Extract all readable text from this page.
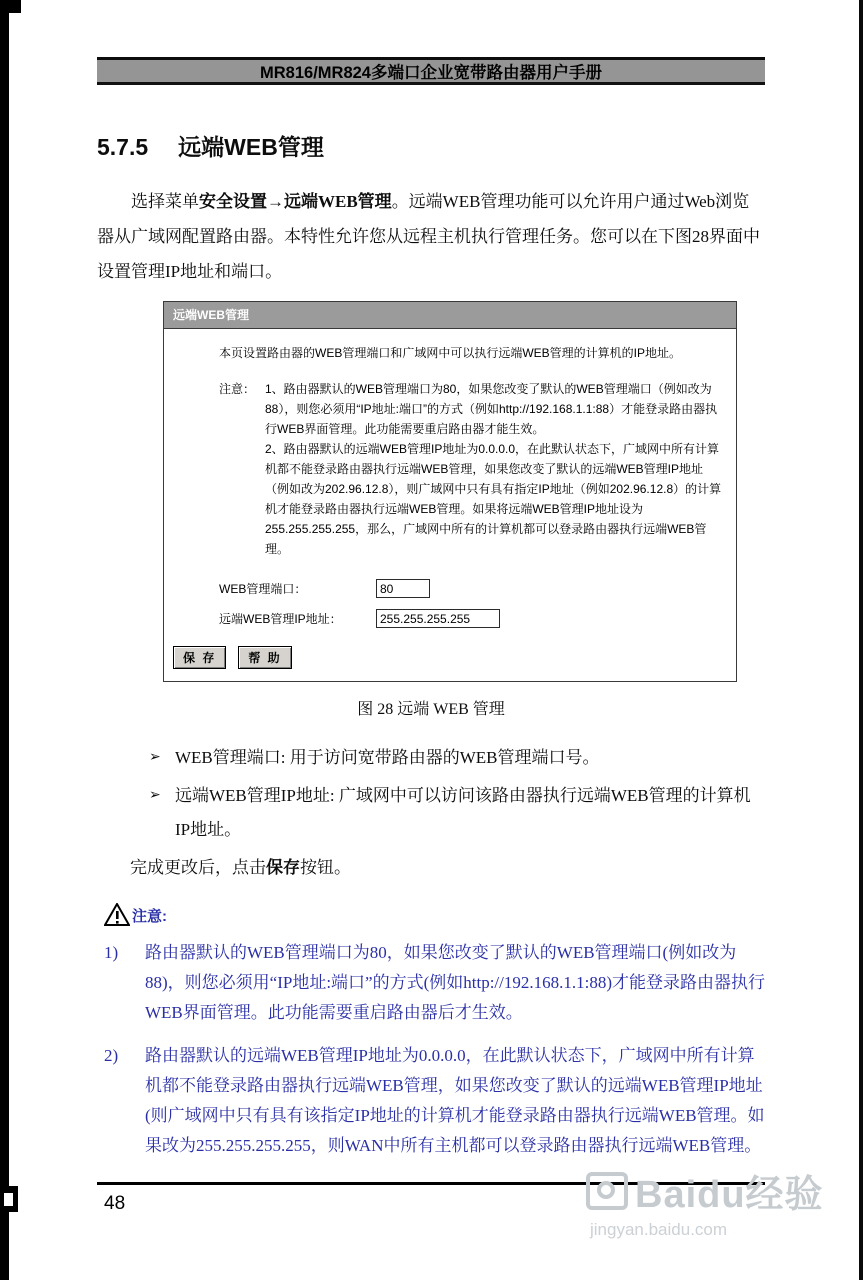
MR816/MR824多端口企业宽带路由器用户手册
5.7.5 远端WEB管理

选择菜单安全设置→远端WEB管理。远端WEB管理功能可以允许用户通过Web浏览器从广域网配置路由器。本特性允许您从远程主机执行管理任务。您可以在下图28界面中设置管理IP地址和端口。

远端WEB管理

本页设置路由器的WEB管理端口和广域网中可以执行远端WEB管理的计算机的IP地址。

注意： 1、路由器默认的WEB管理端口为80，如果您改变了默认的WEB管理端口（例如改为88），则您必须用“IP地址:端口”的方式（例如http://192.168.1.1:88）才能登录路由器执行WEB界面管理。此功能需要重启路由器才能生效。

2、路由器默认的远端WEB管理IP地址为0.0.0.0，在此默认状态下，广域网中所有计算机都不能登录路由器执行远端WEB管理，如果您改变了默认的远端WEB管理IP地址（例如改为202.96.12.8），则广域网中只有具有指定IP地址（例如202.96.12.8）的计算机才能登录路由器执行远端WEB管理。如果将远端WEB管理IP地址设为255.255.255.255，那么，广域网中所有的计算机都可以登录路由器执行远端WEB管理。

WEB管理端口：
80
远端WEB管理IP地址：
255.255.255.255
保 存	帮 助
图 28 远端 WEB 管理
➢ WEB管理端口: 用于访问宽带路由器的WEB管理端口号。
➢ 远端WEB管理IP地址: 广域网中可以访问该路由器执行远端WEB管理的计算机IP地址。

完成更改后，点击保存按钮。

注意:
1)	路由器默认的WEB管理端口为80，如果您改变了默认的WEB管理端口(例如改为88)，则您必须用“IP地址:端口”的方式(例如http://192.168.1.1:88)才能登录路由器执行WEB界面管理。此功能需要重启路由器后才生效。
2)	路由器默认的远端WEB管理IP地址为0.0.0.0，在此默认状态下，广域网中所有计算机都不能登录路由器执行远端WEB管理，如果您改变了默认的远端WEB管理IP地址(则广域网中只有具有该指定IP地址的计算机才能登录路由器执行远端WEB管理。如果改为255.255.255.255，则WAN中所有主机都可以登录路由器执行远端WEB管理。
48	Baidu经验
jingyan.baidu.com
